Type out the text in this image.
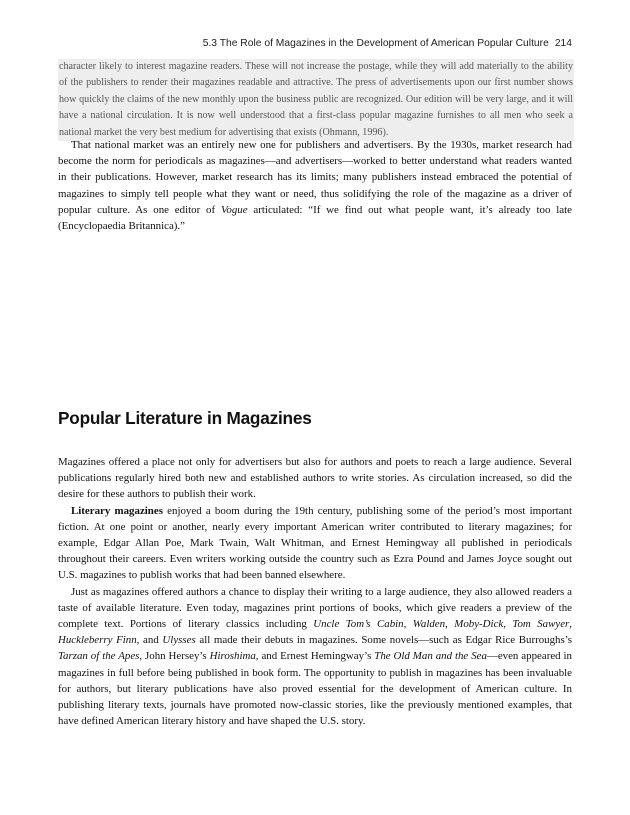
5.3 The Role of Magazines in the Development of American Popular Culture 214
character likely to interest magazine readers. These will not increase the postage, while they will add materially to the ability of the publishers to render their magazines readable and attractive. The press of advertisements upon our first number shows how quickly the claims of the new monthly upon the business public are recognized. Our edition will be very large, and it will have a national circulation. It is now well understood that a first-class popular magazine furnishes to all men who seek a national market the very best medium for advertising that exists (Ohmann, 1996).

That national market was an entirely new one for publishers and advertisers. By the 1930s, market research had become the norm for periodicals as magazines—and advertisers—worked to better understand what readers wanted in their publications. However, market research has its limits; many publishers instead embraced the potential of magazines to simply tell people what they want or need, thus solidifying the role of the magazine as a driver of popular culture. As one editor of Vogue articulated: “If we find out what people want, it’s already too late (Encyclopaedia Britannica).”

Popular Literature in Magazines

Magazines offered a place not only for advertisers but also for authors and poets to reach a large audience. Several publications regularly hired both new and established authors to write stories. As circulation increased, so did the desire for these authors to publish their work.

Literary magazines enjoyed a boom during the 19th century, publishing some of the period’s most important fiction. At one point or another, nearly every important American writer contributed to literary magazines; for example, Edgar Allan Poe, Mark Twain, Walt Whitman, and Ernest Hemingway all published in periodicals throughout their careers. Even writers working outside the country such as Ezra Pound and James Joyce sought out U.S. magazines to publish works that had been banned elsewhere.

Just as magazines offered authors a chance to display their writing to a large audience, they also allowed readers a taste of available literature. Even today, magazines print portions of books, which give readers a preview of the complete text. Portions of literary classics including Uncle Tom’s Cabin, Walden, Moby-Dick, Tom Sawyer, Huckleberry Finn, and Ulysses all made their debuts in magazines. Some novels—such as Edgar Rice Burroughs’s Tarzan of the Apes, John Hersey’s Hiroshima, and Ernest Hemingway’s The Old Man and the Sea—even appeared in magazines in full before being published in book form. The opportunity to publish in magazines has been invaluable for authors, but literary publications have also proved essential for the development of American culture. In publishing literary texts, journals have promoted now-classic stories, like the previously mentioned examples, that have defined American literary history and have shaped the U.S. story.
